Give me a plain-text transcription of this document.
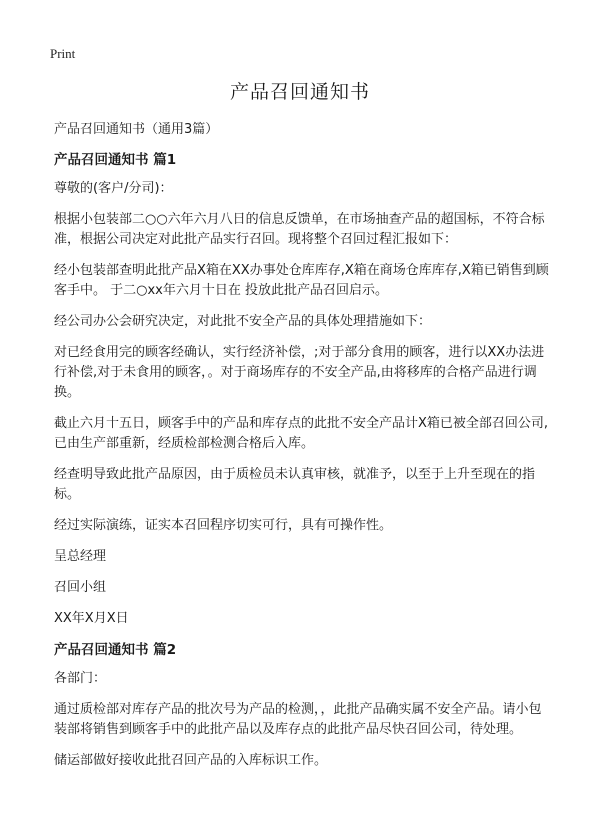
Print
产品召回通知书
产品召回通知书（通用3篇）
产品召回通知书 篇1

尊敬的(客户/分司)：

根据小包装部二○○六年六月八日的信息反馈单，在市场抽查产品的超国标，不符合标准，根据公司决定对此批产品实行召回。现将整个召回过程汇报如下：

经小包装部查明此批产品X箱在XX办事处仓库库存,X箱在商场仓库库存,X箱已销售到顾客手中。 于二○xx年六月十日在 投放此批产品召回启示。

经公司办公会研究决定，对此批不安全产品的具体处理措施如下：

对已经食用完的顾客经确认，实行经济补偿，;对于部分食用的顾客，进行以XX办法进行补偿,对于未食用的顾客，。对于商场库存的不安全产品,由将移库的合格产品进行调换。

截止六月十五日，顾客手中的产品和库存点的此批不安全产品计X箱已被全部召回公司,已由生产部重新，经质检部检测合格后入库。

经查明导致此批产品原因，由于质检员未认真审核，就准予，以至于上升至现在的指标。

经过实际演练，证实本召回程序切实可行，具有可操作性。

呈总经理

召回小组

XX年X月X日

产品召回通知书 篇2

各部门：

通过质检部对库存产品的批次号为产品的检测，，此批产品确实属不安全产品。请小包装部将销售到顾客手中的此批产品以及库存点的此批产品尽快召回公司，待处理。

储运部做好接收此批召回产品的入库标识工作。
